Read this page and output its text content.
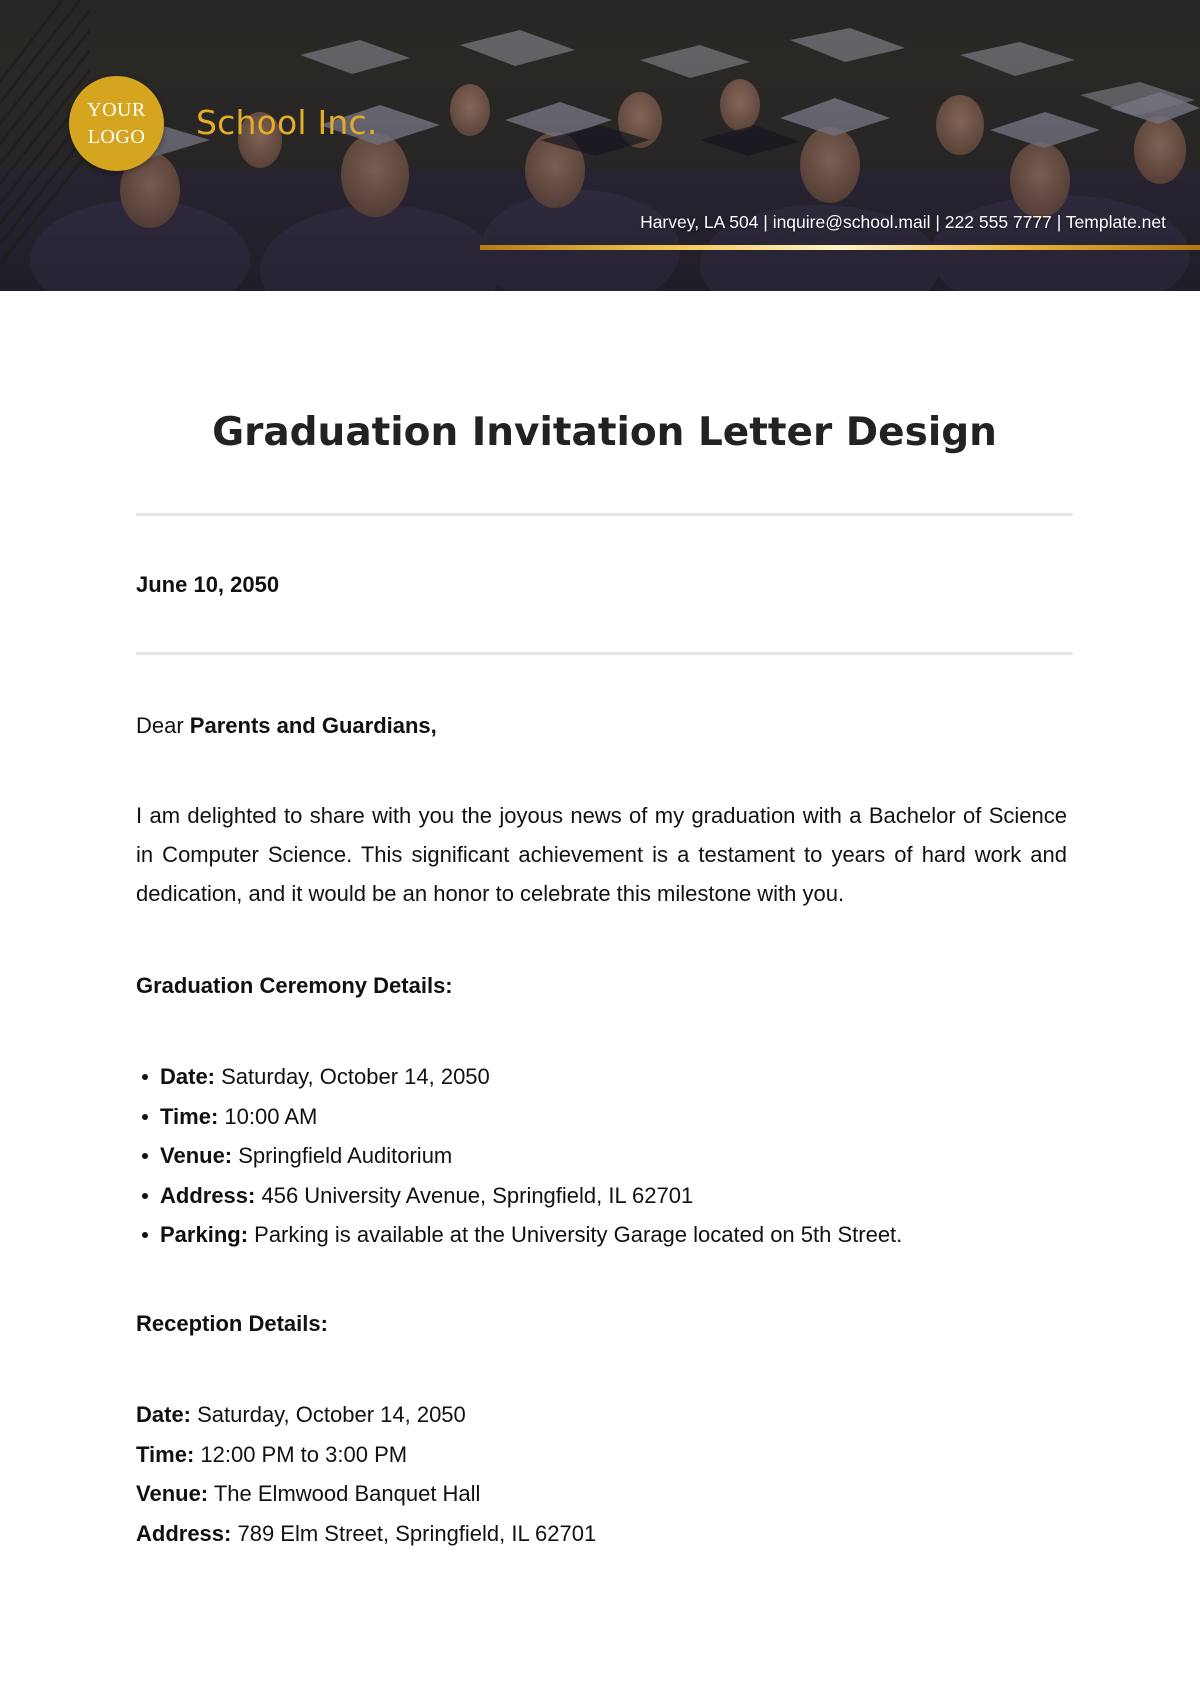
YOUR
LOGO School Inc.
Harvey, LA 504 | inquire@school.mail | 222 555 7777 | Template.net
Graduation Invitation Letter Design
June 10, 2050
Dear Parents and Guardians,

I am delighted to share with you the joyous news of my graduation with a Bachelor of Science in Computer Science. This significant achievement is a testament to years of hard work and dedication, and it would be an honor to celebrate this milestone with you.

Graduation Ceremony Details:
Date: Saturday, October 14, 2050
Time: 10:00 AM
Venue: Springfield Auditorium
Address: 456 University Avenue, Springfield, IL 62701
Parking: Parking is available at the University Garage located on 5th Street.
Reception Details:
Date: Saturday, October 14, 2050
Time: 12:00 PM to 3:00 PM
Venue: The Elmwood Banquet Hall
Address: 789 Elm Street, Springfield, IL 62701
